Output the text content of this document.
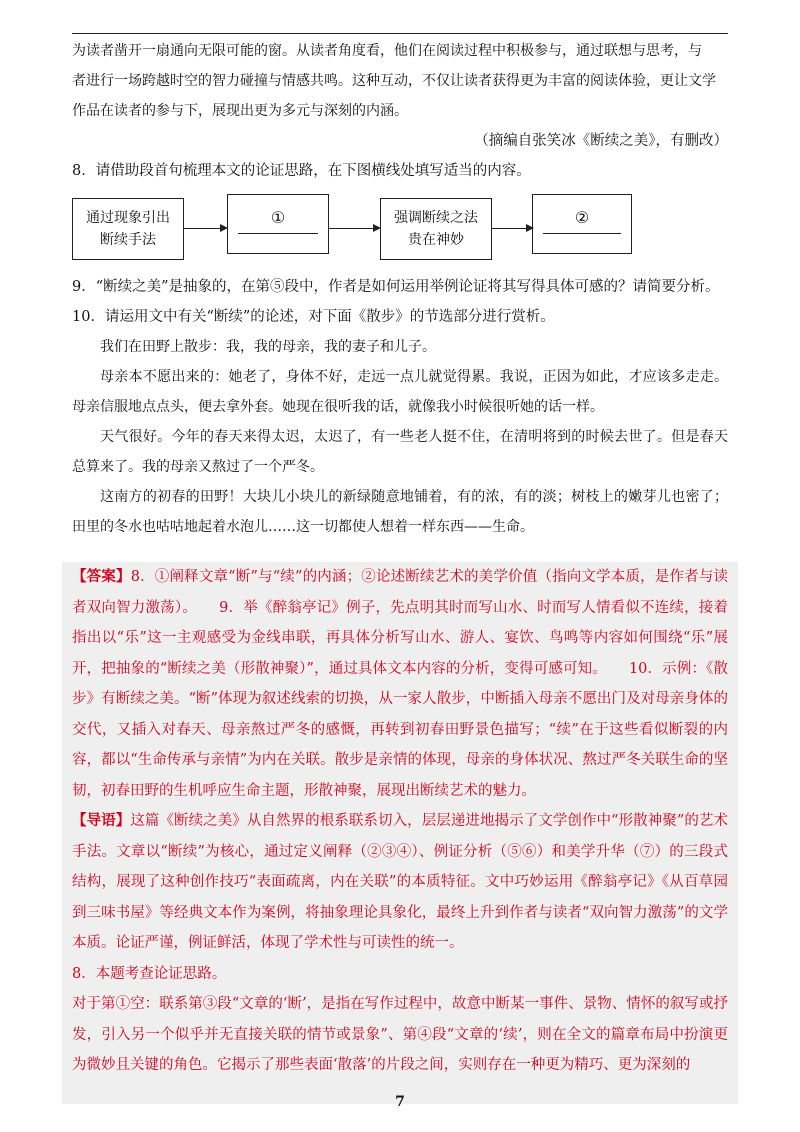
为读者凿开一扇通向无限可能的窗。从读者角度看，他们在阅读过程中积极参与，通过联想与思考，与

者进行一场跨越时空的智力碰撞与情感共鸣。这种互动，不仅让读者获得更为丰富的阅读体验，更让文学

作品在读者的参与下，展现出更为多元与深刻的内涵。

（摘编自张笑冰《断续之美》，有删改）

8．请借助段首句梳理本文的论证思路，在下图横线处填写适当的内容。

通过现象引出
断续手法
①	强调断续之法
贵在神妙
②

9．“断续之美”是抽象的，在第⑤段中，作者是如何运用举例论证将其写得具体可感的？请简要分析。

10．请运用文中有关“断续”的论述，对下面《散步》的节选部分进行赏析。

我们在田野上散步：我，我的母亲，我的妻子和儿子。

母亲本不愿出来的：她老了，身体不好，走远一点儿就觉得累。我说，正因为如此，才应该多走走。母亲信服地点点头，便去拿外套。她现在很听我的话，就像我小时候很听她的话一样。

天气很好。今年的春天来得太迟，太迟了，有一些老人挺不住，在清明将到的时候去世了。但是春天总算来了。我的母亲又熬过了一个严冬。

这南方的初春的田野！大块儿小块儿的新绿随意地铺着，有的浓，有的淡；树枝上的嫩芽儿也密了；田里的冬水也咕咕地起着水泡儿……这一切都使人想着一样东西——生命。

【答案】8．①阐释文章“断”与“续”的内涵；②论述断续艺术的美学价值（指向文学本质，是作者与读者双向智力激荡）。　　9．举《醉翁亭记》例子，先点明其时而写山水、时而写人情看似不连续，接着指出以“乐”这一主观感受为金线串联，再具体分析写山水、游人、宴饮、鸟鸣等内容如何围绕“乐”展开，把抽象的“断续之美（形散神聚）”，通过具体文本内容的分析，变得可感可知。　　10．示例：《散步》有断续之美。“断”体现为叙述线索的切换，从一家人散步，中断插入母亲不愿出门及对母亲身体的交代，又插入对春天、母亲熬过严冬的感慨，再转到初春田野景色描写；“续”在于这些看似断裂的内容，都以“生命传承与亲情”为内在关联。散步是亲情的体现，母亲的身体状况、熬过严冬关联生命的坚韧，初春田野的生机呼应生命主题，形散神聚，展现出断续艺术的魅力。

【导语】这篇《断续之美》从自然界的根系联系切入，层层递进地揭示了文学创作中“形散神聚”的艺术手法。文章以“断续”为核心，通过定义阐释（②③④）、例证分析（⑤⑥）和美学升华（⑦）的三段式结构，展现了这种创作技巧“表面疏离，内在关联”的本质特征。文中巧妙运用《醉翁亭记》《从百草园到三味书屋》等经典文本作为案例，将抽象理论具象化，最终上升到作者与读者“双向智力激荡”的文学本质。论证严谨，例证鲜活，体现了学术性与可读性的统一。

8．本题考查论证思路。

对于第①空：联系第③段“文章的‘断’，是指在写作过程中，故意中断某一事件、景物、情怀的叙写或抒发，引入另一个似乎并无直接关联的情节或景象”、第④段“文章的‘续’，则在全文的篇章布局中扮演更为微妙且关键的角色。它揭示了那些表面‘散落’的片段之间，实则存在一种更为精巧、更为深刻的

7
